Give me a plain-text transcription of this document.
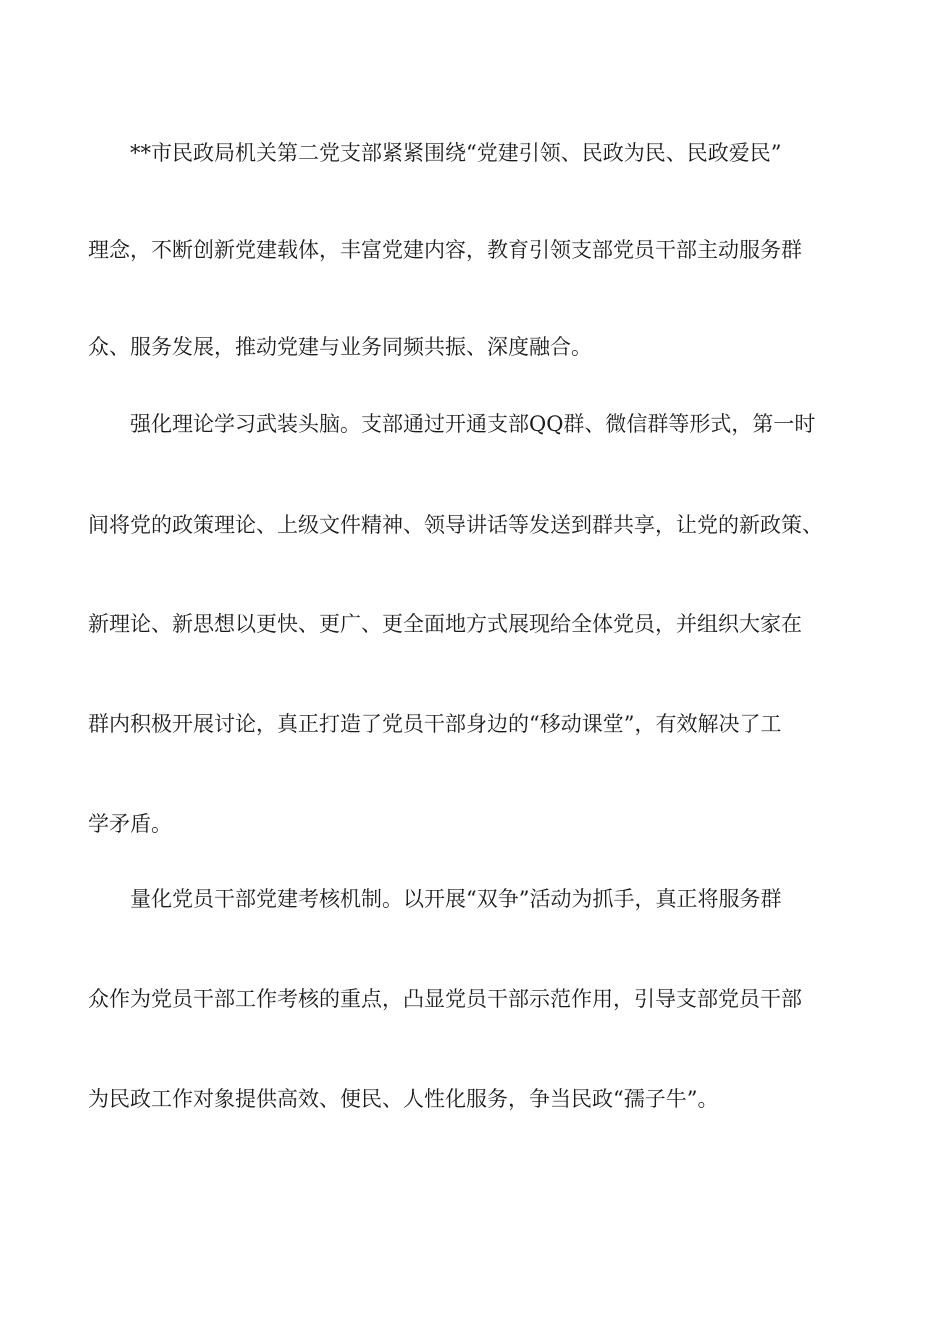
**市民政局机关第二党支部紧紧围绕“党建引领、民政为民、民政爱民”
理念，不断创新党建载体，丰富党建内容，教育引领支部党员干部主动服务群
众、服务发展，推动党建与业务同频共振、深度融合。
强化理论学习武装头脑。支部通过开通支部QQ群、微信群等形式，第一时
间将党的政策理论、上级文件精神、领导讲话等发送到群共享，让党的新政策、
新理论、新思想以更快、更广、更全面地方式展现给全体党员，并组织大家在
群内积极开展讨论，真正打造了党员干部身边的“移动课堂”，有效解决了工
学矛盾。
量化党员干部党建考核机制。以开展“双争”活动为抓手，真正将服务群
众作为党员干部工作考核的重点，凸显党员干部示范作用，引导支部党员干部
为民政工作对象提供高效、便民、人性化服务，争当民政“孺子牛”。
